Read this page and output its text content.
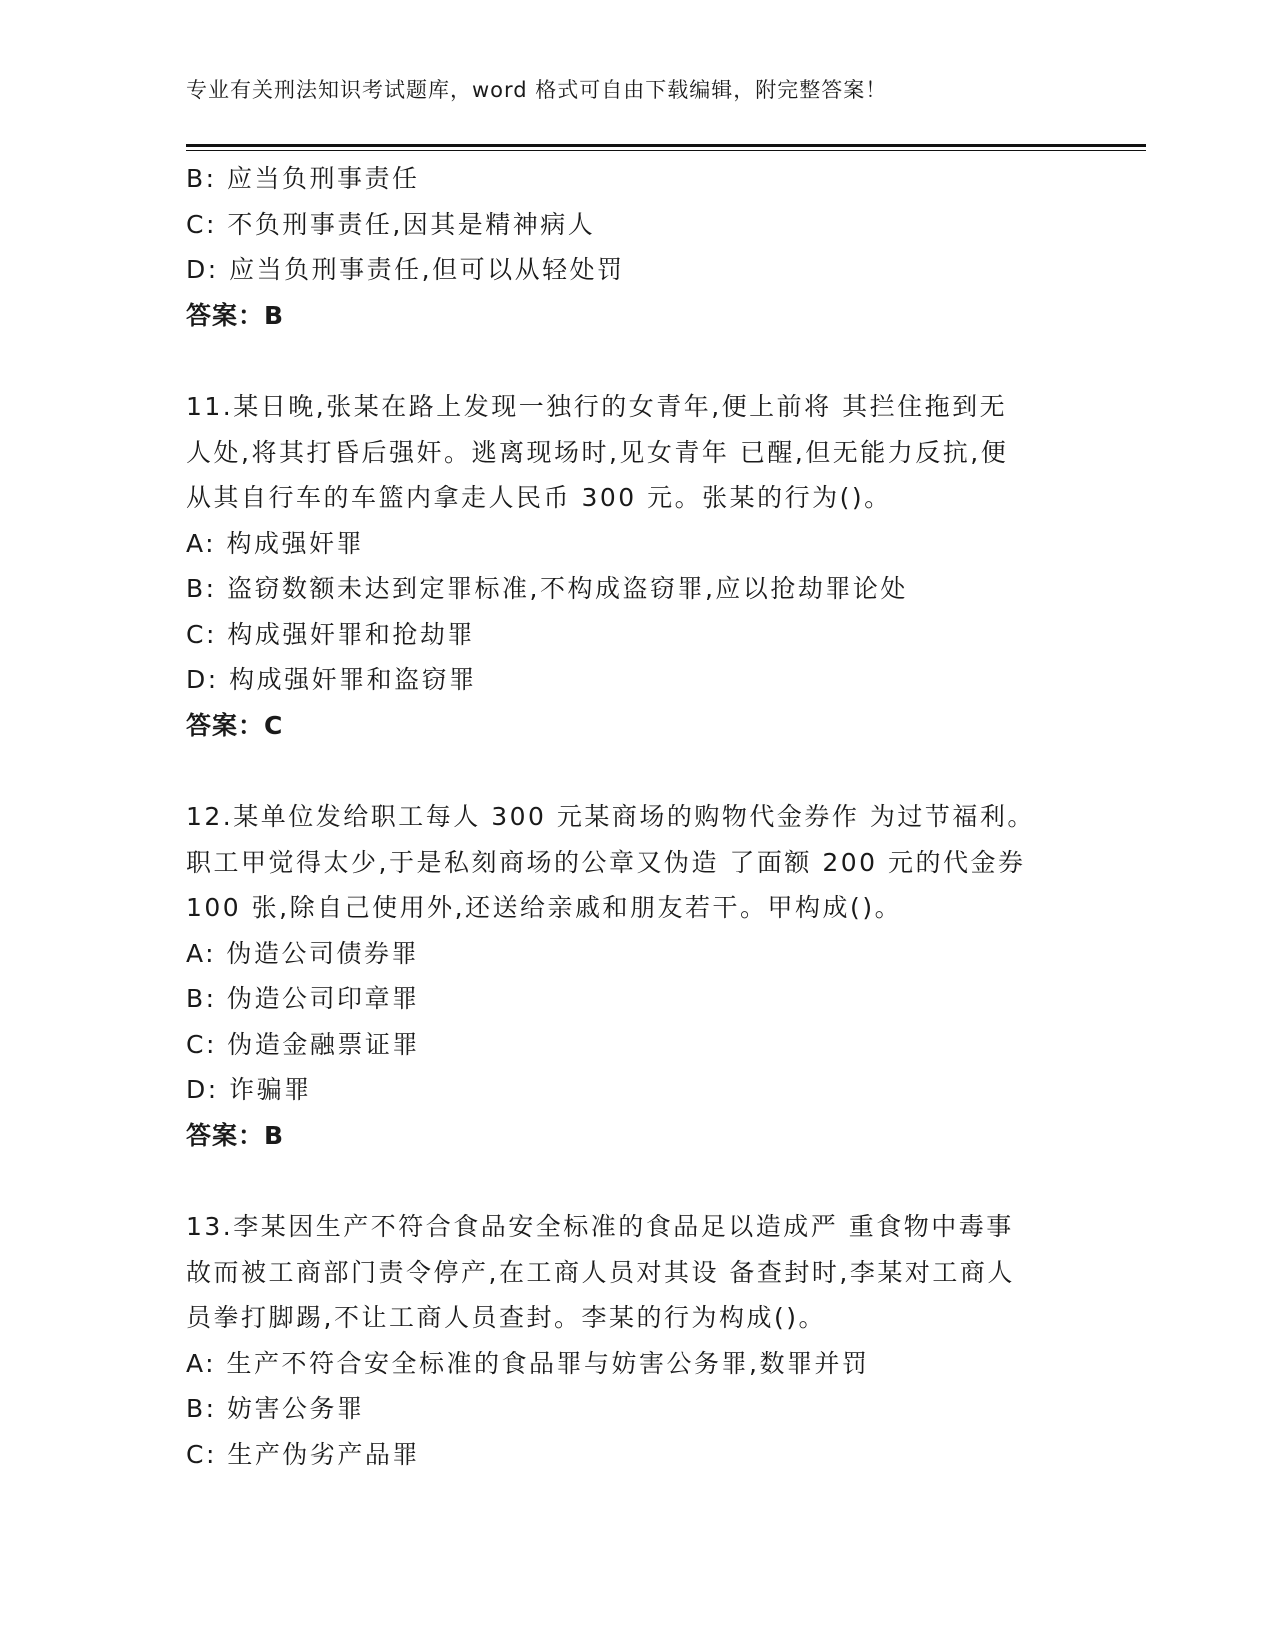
专业有关刑法知识考试题库，word 格式可自由下载编辑，附完整答案！
B: 应当负刑事责任
C: 不负刑事责任,因其是精神病人
D: 应当负刑事责任,但可以从轻处罚
答案：B
11.某日晚,张某在路上发现一独行的女青年,便上前将 其拦住拖到无
人处,将其打昏后强奸。逃离现场时,见女青年 已醒,但无能力反抗,便
从其自行车的车篮内拿走人民币 300 元。张某的行为()。
A: 构成强奸罪
B: 盗窃数额未达到定罪标准,不构成盗窃罪,应以抢劫罪论处
C: 构成强奸罪和抢劫罪
D: 构成强奸罪和盗窃罪
答案：C
12.某单位发给职工每人 300 元某商场的购物代金券作 为过节福利。
职工甲觉得太少,于是私刻商场的公章又伪造 了面额 200 元的代金券
100 张,除自己使用外,还送给亲戚和朋友若干。甲构成()。
A: 伪造公司债券罪
B: 伪造公司印章罪
C: 伪造金融票证罪
D: 诈骗罪
答案：B
13.李某因生产不符合食品安全标准的食品足以造成严 重食物中毒事
故而被工商部门责令停产,在工商人员对其设 备查封时,李某对工商人
员拳打脚踢,不让工商人员查封。李某的行为构成()。
A: 生产不符合安全标准的食品罪与妨害公务罪,数罪并罚
B: 妨害公务罪
C: 生产伪劣产品罪
